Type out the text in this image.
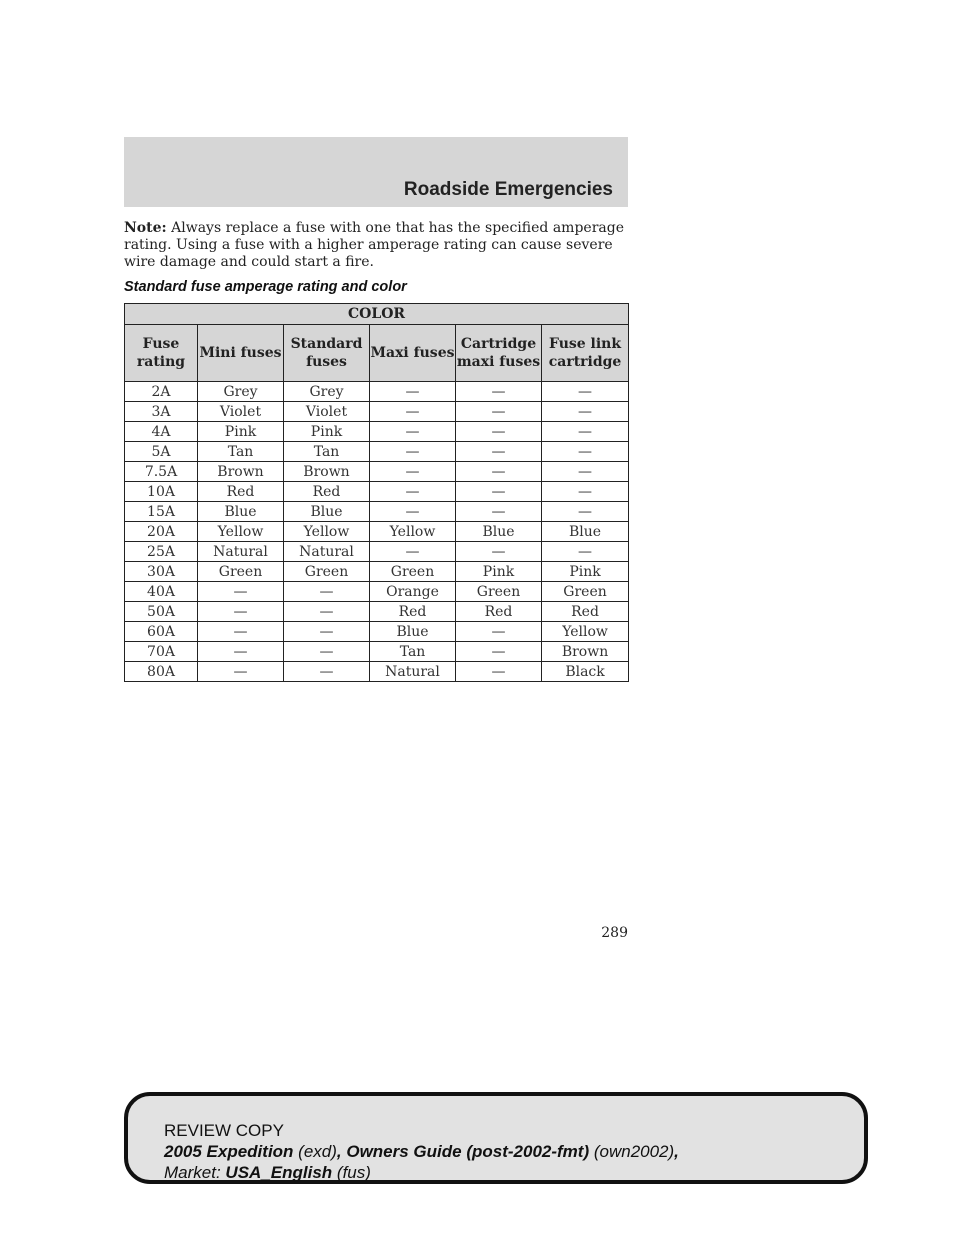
Roadside Emergencies
Note: Always replace a fuse with one that has the specified amperage rating. Using a fuse with a higher amperage rating can cause severe wire damage and could start a fire.
Standard fuse amperage rating and color
COLOR					
Fuse rating	Mini fuses	Standard fuses	Maxi fuses	Cartridge maxi fuses	Fuse link cartridge
2A	Grey	Grey	—	—	—
3A	Violet	Violet	—	—	—
4A	Pink	Pink	—	—	—
5A	Tan	Tan	—	—	—
7.5A	Brown	Brown	—	—	—
10A	Red	Red	—	—	—
15A	Blue	Blue	—	—	—
20A	Yellow	Yellow	Yellow	Blue	Blue
25A	Natural	Natural	—	—	—
30A	Green	Green	Green	Pink	Pink
40A	—	—	Orange	Green	Green
50A	—	—	Red	Red	Red
60A	—	—	Blue	—	Yellow
70A	—	—	Tan	—	Brown
80A	—	—	Natural	—	Black
289
REVIEW COPY
2005 Expedition (exd), Owners Guide (post-2002-fmt) (own2002),
Market: USA_English (fus)
